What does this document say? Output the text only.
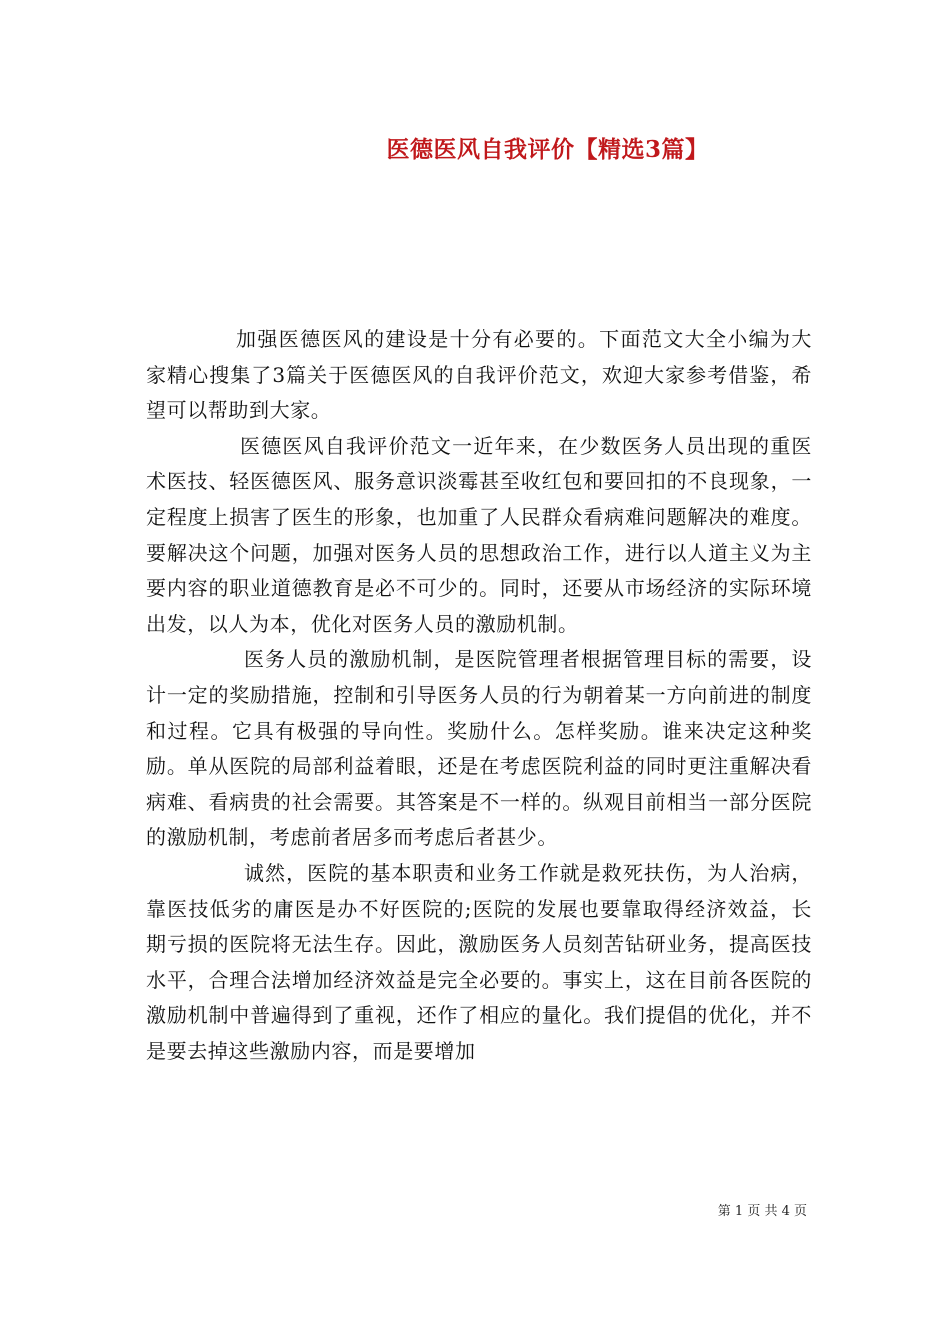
医德医风自我评价【精选3篇】

加强医德医风的建设是十分有必要的。下面范文大全小编为大家精心搜集了3篇关于医德医风的自我评价范文，欢迎大家参考借鉴，希望可以帮助到大家。

医德医风自我评价范文一近年来，在少数医务人员出现的重医术医技、轻医德医风、服务意识淡霉甚至收红包和要回扣的不良现象，一定程度上损害了医生的形象，也加重了人民群众看病难问题解决的难度。要解决这个问题，加强对医务人员的思想政治工作，进行以人道主义为主要内容的职业道德教育是必不可少的。同时，还要从市场经济的实际环境出发，以人为本，优化对医务人员的激励机制。

医务人员的激励机制，是医院管理者根据管理目标的需要，设计一定的奖励措施，控制和引导医务人员的行为朝着某一方向前进的制度和过程。它具有极强的导向性。奖励什么。怎样奖励。谁来决定这种奖励。单从医院的局部利益着眼，还是在考虑医院利益的同时更注重解决看病难、看病贵的社会需要。其答案是不一样的。纵观目前相当一部分医院的激励机制，考虑前者居多而考虑后者甚少。

诚然，医院的基本职责和业务工作就是救死扶伤，为人治病，靠医技低劣的庸医是办不好医院的;医院的发展也要靠取得经济效益，长期亏损的医院将无法生存。因此，激励医务人员刻苦钻研业务，提高医技水平，合理合法增加经济效益是完全必要的。事实上，这在目前各医院的激励机制中普遍得到了重视，还作了相应的量化。我们提倡的优化，并不是要去掉这些激励内容，而是要增加

第 1 页 共 4 页
